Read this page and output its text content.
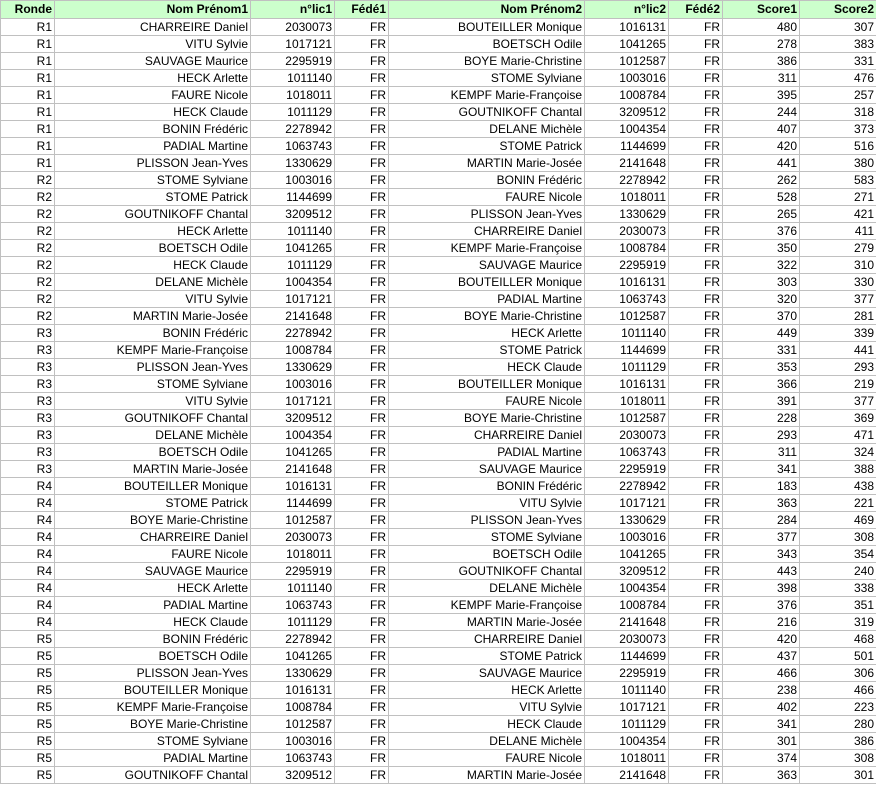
Ronde	Nom Prénom1	n°lic1	Fédé1	Nom Prénom2	n°lic2	Fédé2	Score1	Score2
R1	CHARREIRE Daniel	2030073	FR	BOUTEILLER Monique	1016131	FR	480	307
R1	VITU Sylvie	1017121	FR	BOETSCH Odile	1041265	FR	278	383
R1	SAUVAGE Maurice	2295919	FR	BOYE Marie-Christine	1012587	FR	386	331
R1	HECK Arlette	1011140	FR	STOME Sylviane	1003016	FR	311	476
R1	FAURE Nicole	1018011	FR	KEMPF Marie-Françoise	1008784	FR	395	257
R1	HECK Claude	1011129	FR	GOUTNIKOFF Chantal	3209512	FR	244	318
R1	BONIN Frédéric	2278942	FR	DELANE Michèle	1004354	FR	407	373
R1	PADIAL Martine	1063743	FR	STOME Patrick	1144699	FR	420	516
R1	PLISSON Jean-Yves	1330629	FR	MARTIN Marie-Josée	2141648	FR	441	380
R2	STOME Sylviane	1003016	FR	BONIN Frédéric	2278942	FR	262	583
R2	STOME Patrick	1144699	FR	FAURE Nicole	1018011	FR	528	271
R2	GOUTNIKOFF Chantal	3209512	FR	PLISSON Jean-Yves	1330629	FR	265	421
R2	HECK Arlette	1011140	FR	CHARREIRE Daniel	2030073	FR	376	411
R2	BOETSCH Odile	1041265	FR	KEMPF Marie-Françoise	1008784	FR	350	279
R2	HECK Claude	1011129	FR	SAUVAGE Maurice	2295919	FR	322	310
R2	DELANE Michèle	1004354	FR	BOUTEILLER Monique	1016131	FR	303	330
R2	VITU Sylvie	1017121	FR	PADIAL Martine	1063743	FR	320	377
R2	MARTIN Marie-Josée	2141648	FR	BOYE Marie-Christine	1012587	FR	370	281
R3	BONIN Frédéric	2278942	FR	HECK Arlette	1011140	FR	449	339
R3	KEMPF Marie-Françoise	1008784	FR	STOME Patrick	1144699	FR	331	441
R3	PLISSON Jean-Yves	1330629	FR	HECK Claude	1011129	FR	353	293
R3	STOME Sylviane	1003016	FR	BOUTEILLER Monique	1016131	FR	366	219
R3	VITU Sylvie	1017121	FR	FAURE Nicole	1018011	FR	391	377
R3	GOUTNIKOFF Chantal	3209512	FR	BOYE Marie-Christine	1012587	FR	228	369
R3	DELANE Michèle	1004354	FR	CHARREIRE Daniel	2030073	FR	293	471
R3	BOETSCH Odile	1041265	FR	PADIAL Martine	1063743	FR	311	324
R3	MARTIN Marie-Josée	2141648	FR	SAUVAGE Maurice	2295919	FR	341	388
R4	BOUTEILLER Monique	1016131	FR	BONIN Frédéric	2278942	FR	183	438
R4	STOME Patrick	1144699	FR	VITU Sylvie	1017121	FR	363	221
R4	BOYE Marie-Christine	1012587	FR	PLISSON Jean-Yves	1330629	FR	284	469
R4	CHARREIRE Daniel	2030073	FR	STOME Sylviane	1003016	FR	377	308
R4	FAURE Nicole	1018011	FR	BOETSCH Odile	1041265	FR	343	354
R4	SAUVAGE Maurice	2295919	FR	GOUTNIKOFF Chantal	3209512	FR	443	240
R4	HECK Arlette	1011140	FR	DELANE Michèle	1004354	FR	398	338
R4	PADIAL Martine	1063743	FR	KEMPF Marie-Françoise	1008784	FR	376	351
R4	HECK Claude	1011129	FR	MARTIN Marie-Josée	2141648	FR	216	319
R5	BONIN Frédéric	2278942	FR	CHARREIRE Daniel	2030073	FR	420	468
R5	BOETSCH Odile	1041265	FR	STOME Patrick	1144699	FR	437	501
R5	PLISSON Jean-Yves	1330629	FR	SAUVAGE Maurice	2295919	FR	466	306
R5	BOUTEILLER Monique	1016131	FR	HECK Arlette	1011140	FR	238	466
R5	KEMPF Marie-Françoise	1008784	FR	VITU Sylvie	1017121	FR	402	223
R5	BOYE Marie-Christine	1012587	FR	HECK Claude	1011129	FR	341	280
R5	STOME Sylviane	1003016	FR	DELANE Michèle	1004354	FR	301	386
R5	PADIAL Martine	1063743	FR	FAURE Nicole	1018011	FR	374	308
R5	GOUTNIKOFF Chantal	3209512	FR	MARTIN Marie-Josée	2141648	FR	363	301
